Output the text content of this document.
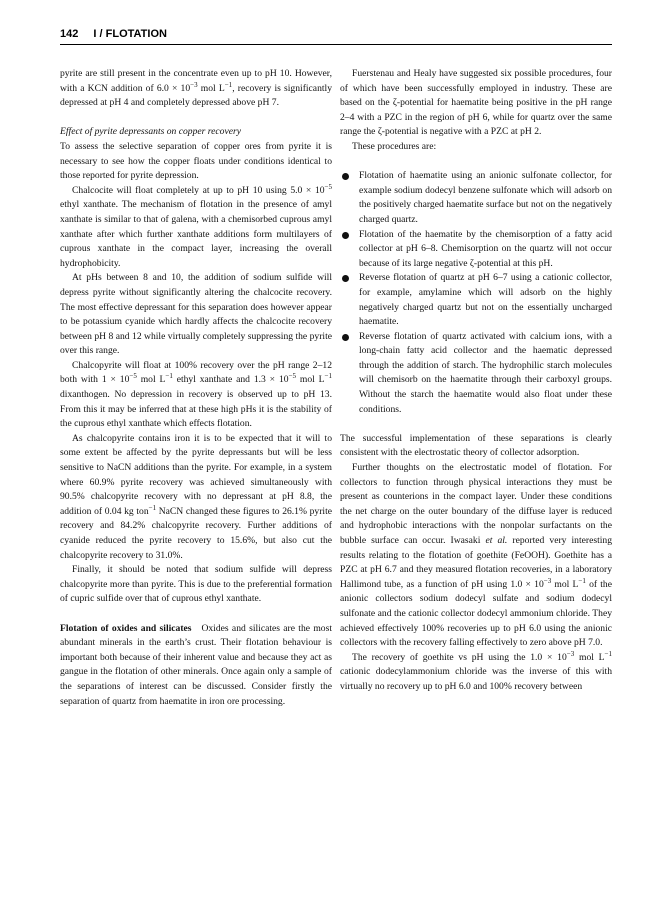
142 I / FLOTATION

pyrite are still present in the concentrate even up to pH 10. However, with a KCN addition of $6.0 \times 10^{-3}$ mol $L^{-1}$, recovery is significantly depressed at pH 4 and completely depressed above pH 7.

Effect of pyrite depressants on copper recovery

To assess the selective separation of copper ores from pyrite it is necessary to see how the copper floats under conditions identical to those reported for pyrite depression.

Chalcocite will float completely at up to pH 10 using $5.0 \times 10^{-5}$ ethyl xanthate. The mechanism of flotation in the presence of amyl xanthate is similar to that of galena, with a chemisorbed cuprous amyl xanthate after which further xanthate additions form multilayers of cuprous xanthate in the compact layer, increasing the overall hydrophobicity.

At pHs between 8 and 10, the addition of sodium sulfide will depress pyrite without significantly altering the chalcocite recovery. The most effective depressant for this separation does however appear to be potassium cyanide which hardly affects the chalcocite recovery between pH 8 and 12 while virtually completely suppressing the pyrite over this range.

Chalcopyrite will float at 100% recovery over the pH range 2–12 both with $1 \times 10^{-5}$ mol $L^{-1}$ ethyl xanthate and $1.3 \times 10^{-5}$ mol $L^{-1}$ dixanthogen. No depression in recovery is observed up to pH 13. From this it may be inferred that at these high pHs it is the stability of the cuprous ethyl xanthate which effects flotation.

As chalcopyrite contains iron it is to be expected that it will to some extent be affected by the pyrite depressants but will be less sensitive to NaCN additions than the pyrite. For example, in a system where 60.9% pyrite recovery was achieved simultaneously with 90.5% chalcopyrite recovery with no depressant at pH 8.8, the addition of 0.04 kg ton$^{-1}$ NaCN changed these figures to 26.1% pyrite recovery and 84.2% chalcopyrite recovery. Further additions of cyanide reduced the pyrite recovery to 15.6%, but also cut the chalcopyrite recovery to 31.0%.

Finally, it should be noted that sodium sulfide will depress chalcopyrite more than pyrite. This is due to the preferential formation of cupric sulfide over that of cuprous ethyl xanthate.

Flotation of oxides and silicates Oxides and silicates are the most abundant minerals in the earth’s crust. Their flotation behaviour is important both because of their inherent value and because they act as gangue in the flotation of other minerals. Once again only a sample of the separations of interest can be discussed. Consider firstly the separation of quartz from haematite in iron ore processing.

Fuerstenau and Healy have suggested six possible procedures, four of which have been successfully employed in industry. These are based on the ζ-potential for haematite being positive in the pH range 2–4 with a PZC in the region of pH 6, while for quartz over the same range the ζ-potential is negative with a PZC at pH 2.

These procedures are:

Flotation of haematite using an anionic sulfonate collector, for example sodium dodecyl benzene sulfonate which will adsorb on the positively charged haematite surface but not on the negatively charged quartz.
Flotation of the haematite by the chemisorption of a fatty acid collector at pH 6–8. Chemisorption on the quartz will not occur because of its large negative ζ-potential at this pH.
Reverse flotation of quartz at pH 6–7 using a cationic collector, for example, amylamine which will adsorb on the highly negatively charged quartz but not on the essentially uncharged haematite.
Reverse flotation of quartz activated with calcium ions, with a long-chain fatty acid collector and the haematic depressed through the addition of starch. The hydrophilic starch molecules will chemisorb on the haematite through their carboxyl groups. Without the starch the haematite would also float under these conditions.

The successful implementation of these separations is clearly consistent with the electrostatic theory of collector adsorption.

Further thoughts on the electrostatic model of flotation. For collectors to function through physical interactions they must be present as counterions in the compact layer. Under these conditions the net charge on the outer boundary of the diffuse layer is reduced and hydrophobic interactions with the nonpolar surfactants on the bubble surface can occur. Iwasaki et al. reported very interesting results relating to the flotation of goethite (FeOOH). Goethite has a PZC at pH 6.7 and they measured flotation recoveries, in a laboratory Hallimond tube, as a function of pH using $1.0 \times 10^{-3}$ mol $L^{-1}$ of the anionic collectors sodium dodecyl sulfate and sodium dodecyl sulfonate and the cationic collector dodecyl ammonium chloride. They achieved effectively 100% recoveries up to pH 6.0 using the anionic collectors with the recovery falling effectively to zero above pH 7.0.

The recovery of goethite vs pH using the $1.0 \times 10^{-3}$ mol $L^{-1}$ cationic dodecylammonium chloride was the inverse of this with virtually no recovery up to pH 6.0 and 100% recovery between
